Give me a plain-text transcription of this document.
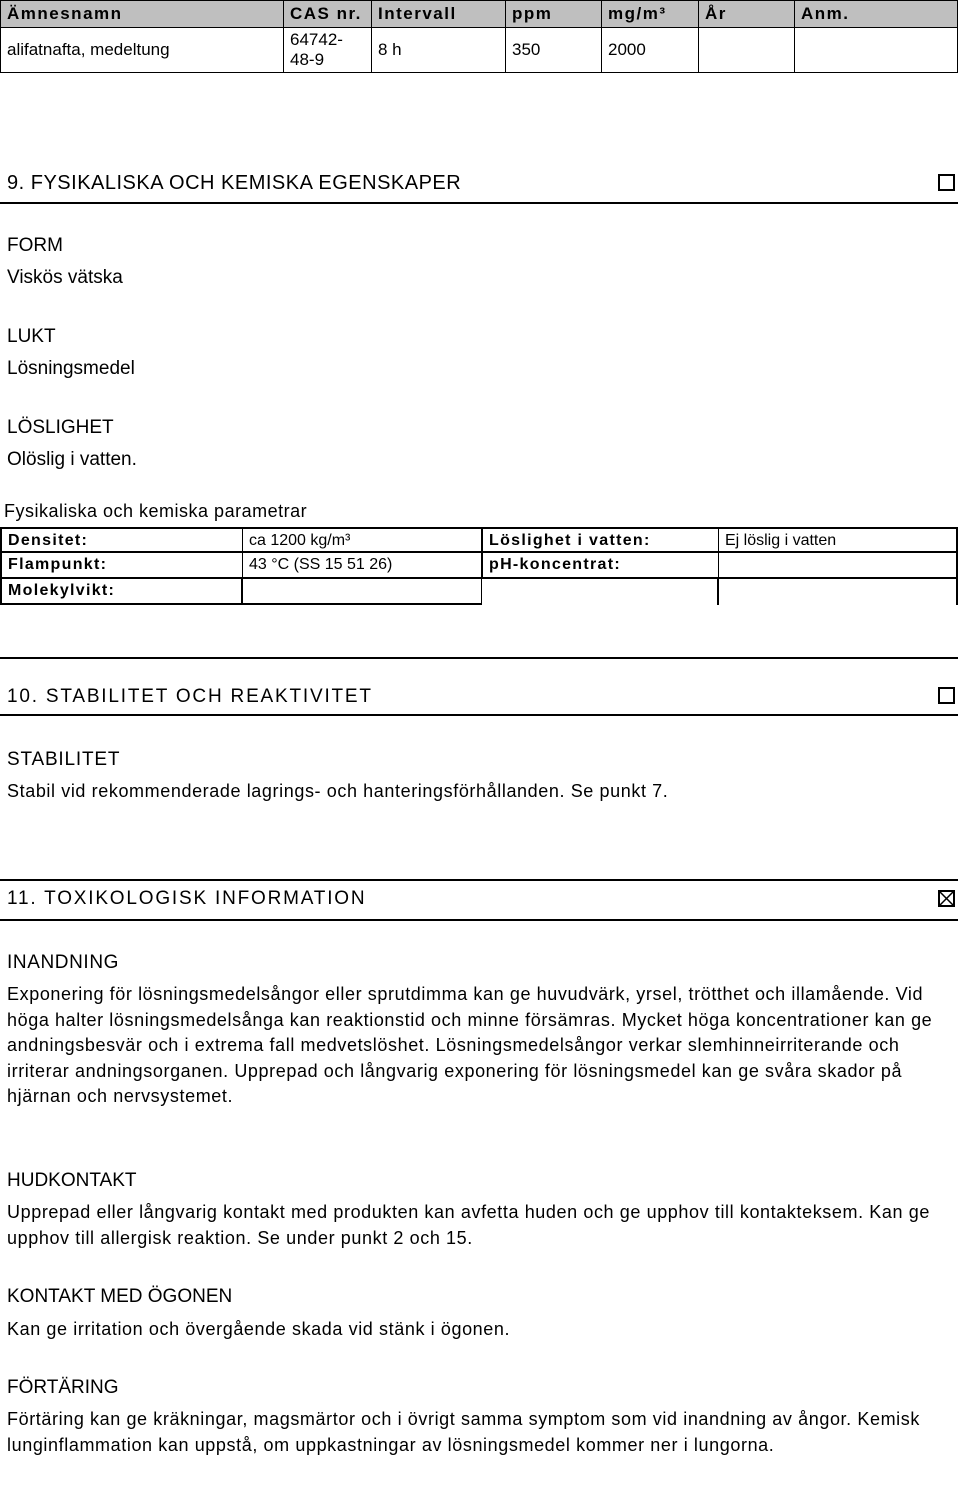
Ämnesnamn	CAS nr.	Intervall	ppm	mg/m³	År	Anm.
alifatnafta, medeltung	64742-48-9	8 h	350	2000		
9. FYSIKALISKA OCH KEMISKA EGENSKAPER
FORM
Viskös vätska
LUKT
Lösningsmedel
LÖSLIGHET
Olöslig i vatten.
Fysikaliska och kemiska parametrar
Densitet:	ca 1200 kg/m³	Löslighet i vatten:	Ej löslig i vatten
Flampunkt:	43 °C (SS 15 51 26)	pH-koncentrat:
Molekylvikt:
10. STABILITET OCH REAKTIVITET
STABILITET
Stabil vid rekommenderade lagrings- och hanteringsförhållanden. Se punkt 7.
11. TOXIKOLOGISK INFORMATION
INANDNING
Exponering för lösningsmedelsångor eller sprutdimma kan ge huvudvärk, yrsel, trötthet och illamående. Vid höga halter lösningsmedelsånga kan reaktionstid och minne försämras. Mycket höga koncentrationer kan ge andningsbesvär och i extrema fall medvetslöshet. Lösningsmedelsångor verkar slemhinneirriterande och irriterar andningsorganen. Upprepad och långvarig exponering för lösningsmedel kan ge svåra skador på hjärnan och nervsystemet.
HUDKONTAKT
Upprepad eller långvarig kontakt med produkten kan avfetta huden och ge upphov till kontakteksem. Kan ge upphov till allergisk reaktion. Se under punkt 2 och 15.
KONTAKT MED ÖGONEN
Kan ge irritation och övergående skada vid stänk i ögonen.
FÖRTÄRING
Förtäring kan ge kräkningar, magsmärtor och i övrigt samma symptom som vid inandning av ångor. Kemisk lunginflammation kan uppstå, om uppkastningar av lösningsmedel kommer ner i lungorna.
